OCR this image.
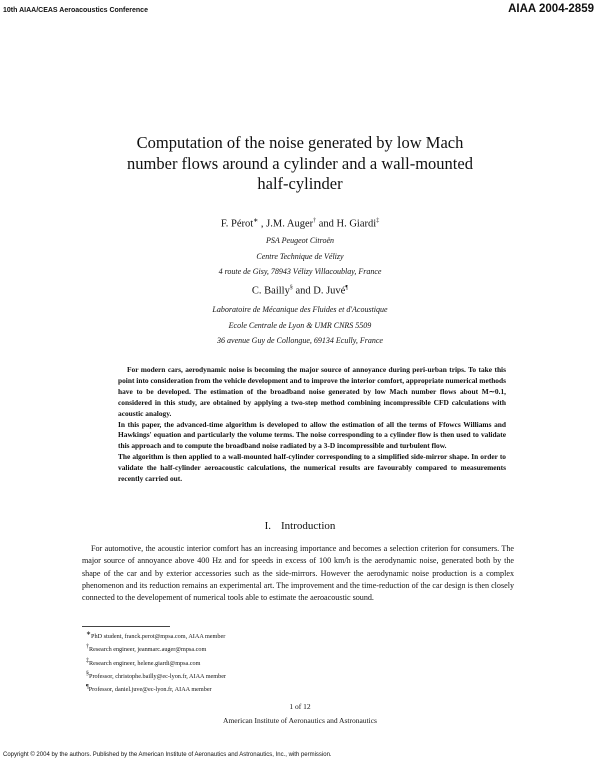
10th AIAA/CEAS Aeroacoustics Conference	AIAA 2004-2859
Computation of the noise generated by low Mach
number flows around a cylinder and a wall-mounted
half-cylinder
F. Pérot∗ , J.M. Auger† and H. Giardi‡
PSA Peugeot Citroën
Centre Technique de Vélizy
4 route de Gisy, 78943 Vélizy Villacoublay, France
C. Bailly§ and D. Juvé¶
Laboratoire de Mécanique des Fluides et d'Acoustique
Ecole Centrale de Lyon & UMR CNRS 5509
36 avenue Guy de Collongue, 69134 Ecully, France

For modern cars, aerodynamic noise is becoming the major source of annoyance during peri-urban trips. To take this point into consideration from the vehicle development and to improve the interior comfort, appropriate numerical methods have to be developed. The estimation of the broadband noise generated by low Mach number flows about M∼0.1, considered in this study, are obtained by applying a two-step method combining incompressible CFD calculations with acoustic analogy.

In this paper, the advanced-time algorithm is developed to allow the estimation of all the terms of Ffowcs Williams and Hawkings' equation and particularly the volume terms. The noise corresponding to a cylinder flow is then used to validate this approach and to compute the broadband noise radiated by a 3-D incompressible and turbulent flow.

The algorithm is then applied to a wall-mounted half-cylinder corresponding to a simplified side-mirror shape. In order to validate the half-cylinder aeroacoustic calculations, the numerical results are favourably compared to measurements recently carried out.

I. Introduction

For automotive, the acoustic interior comfort has an increasing importance and becomes a selection criterion for consumers. The major source of annoyance above 400 Hz and for speeds in excess of 100 km/h is the aerodynamic noise, generated both by the shape of the car and by exterior accessories such as the side-mirrors. However the aerodynamic noise production is a complex phenomenon and its reduction remains an experimental art. The improvement and the time-reduction of the car design is then closely connected to the developement of numerical tools able to estimate the aeroacoustic sound.

∗PhD student, franck.perot@mpsa.com, AIAA member
†Research engineer, jeanmarc.auger@mpsa.com
‡Research engineer, helene.giardi@mpsa.com
§Professor, christophe.bailly@ec-lyon.fr, AIAA member
¶Professor, daniel.juve@ec-lyon.fr, AIAA member
1 of 12
American Institute of Aeronautics and Astronautics
Copyright © 2004 by the authors. Published by the American Institute of Aeronautics and Astronautics, Inc., with permission.
